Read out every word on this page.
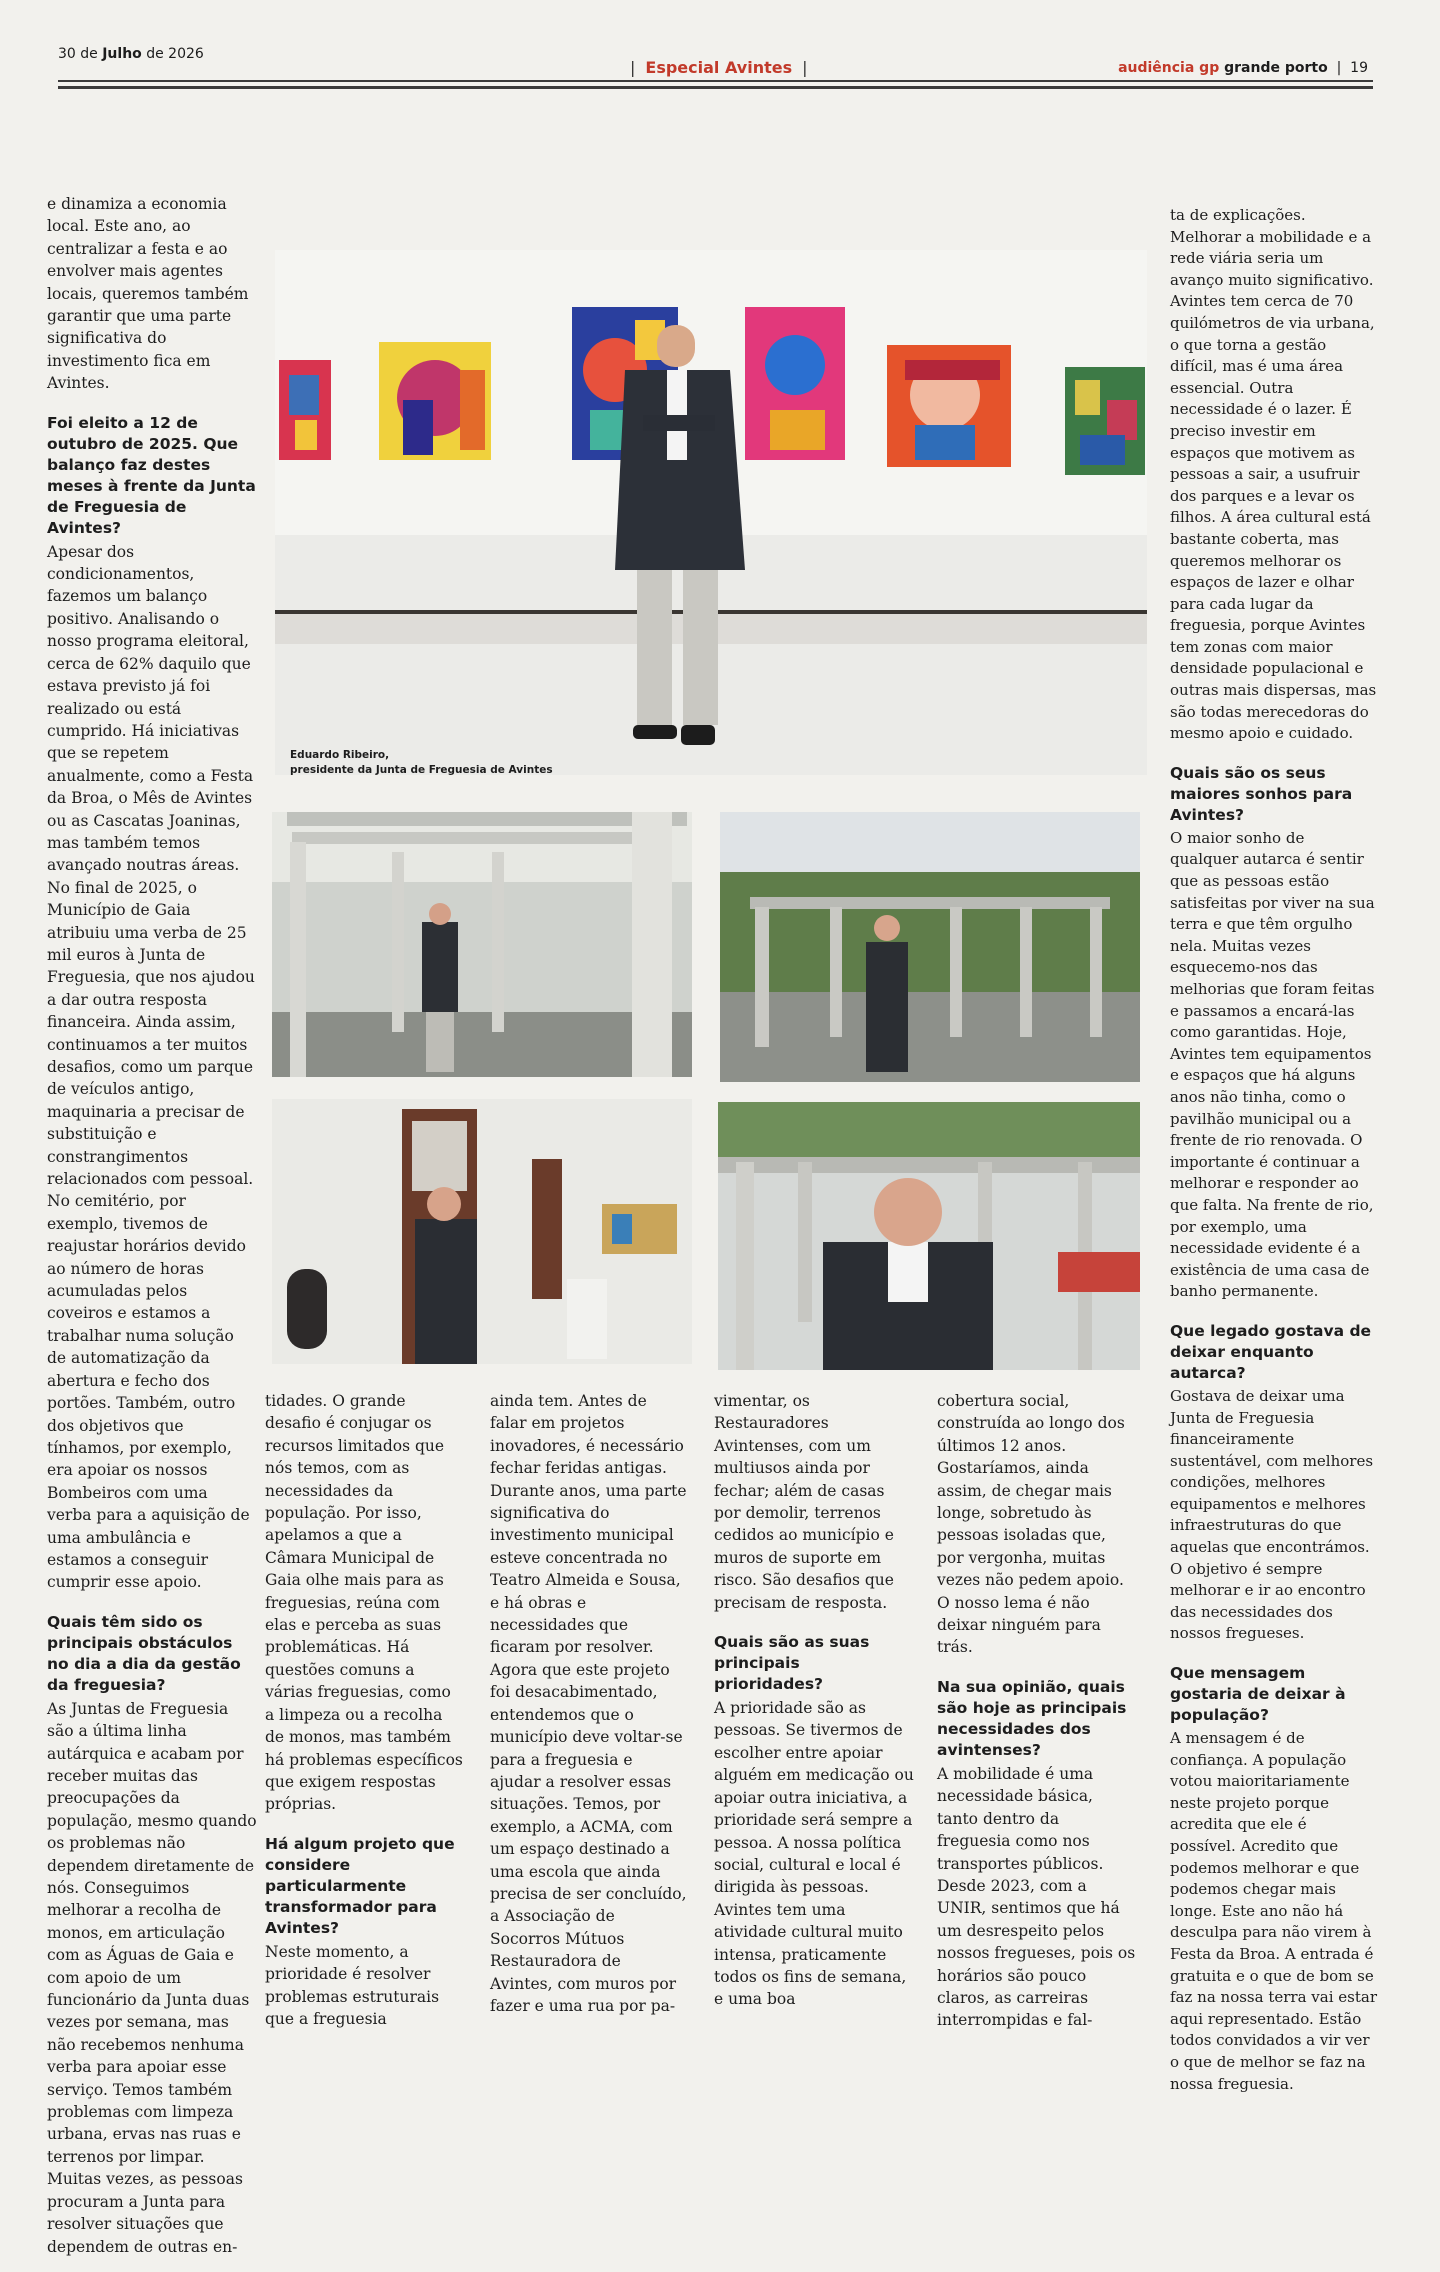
30 de Julho de 2026
| Especial Avintes |	audiência gp grande porto | 19

e dinamiza a economia local. Este ano, ao centralizar a festa e ao envolver mais agentes locais, queremos também garantir que uma parte significativa do investimento fica em Avintes.

Foi eleito a 12 de outubro de 2025. Que balanço faz destes meses à frente da Junta de Freguesia de Avintes?

Apesar dos condicionamentos, fazemos um balanço positivo. Analisando o nosso programa eleitoral, cerca de 62% daquilo que estava previsto já foi realizado ou está cumprido. Há iniciativas que se repetem anualmente, como a Festa da Broa, o Mês de Avintes ou as Cascatas Joaninas, mas também temos avançado noutras áreas. No final de 2025, o Município de Gaia atribuiu uma verba de 25 mil euros à Junta de Freguesia, que nos ajudou a dar outra resposta financeira. Ainda assim, continuamos a ter muitos desafios, como um parque de veículos antigo, maquinaria a precisar de substituição e constrangimentos relacionados com pessoal. No cemitério, por exemplo, tivemos de reajustar horários devido ao número de horas acumuladas pelos coveiros e estamos a trabalhar numa solução de automatização da abertura e fecho dos portões. Também, outro dos objetivos que tínhamos, por exemplo, era apoiar os nossos Bombeiros com uma verba para a aquisição de uma ambulância e estamos a conseguir cumprir esse apoio.

Quais têm sido os principais obstáculos no dia a dia da gestão da freguesia?

As Juntas de Freguesia são a última linha autárquica e acabam por receber muitas das preocupações da população, mesmo quando os problemas não dependem diretamente de nós. Conseguimos melhorar a recolha de monos, em articulação com as Águas de Gaia e com apoio de um funcionário da Junta duas vezes por semana, mas não recebemos nenhuma verba para apoiar esse serviço. Temos também problemas com limpeza urbana, ervas nas ruas e terrenos por limpar. Muitas vezes, as pessoas procuram a Junta para resolver situações que dependem de outras en-

Eduardo Ribeiro,
presidente da Junta de Freguesia de Avintes

tidades. O grande desafio é conjugar os recursos limitados que nós temos, com as necessidades da população. Por isso, apelamos a que a Câmara Municipal de Gaia olhe mais para as freguesias, reúna com elas e perceba as suas problemáticas. Há questões comuns a várias freguesias, como a limpeza ou a recolha de monos, mas também há problemas específicos que exigem respostas próprias.

Há algum projeto que considere particularmente transformador para Avintes?

Neste momento, a prioridade é resolver problemas estruturais que a freguesia

ainda tem. Antes de falar em projetos inovadores, é necessário fechar feridas antigas. Durante anos, uma parte significativa do investimento municipal esteve concentrada no Teatro Almeida e Sousa, e há obras e necessidades que ficaram por resolver. Agora que este projeto foi desacabimentado, entendemos que o município deve voltar-se para a freguesia e ajudar a resolver essas situações. Temos, por exemplo, a ACMA, com um espaço destinado a uma escola que ainda precisa de ser concluído, a Associação de Socorros Mútuos Restauradora de Avintes, com muros por fazer e uma rua por pa-

vimentar, os Restauradores Avintenses, com um multiusos ainda por fechar; além de casas por demolir, terrenos cedidos ao município e muros de suporte em risco. São desafios que precisam de resposta.

Quais são as suas principais prioridades?

A prioridade são as pessoas. Se tivermos de escolher entre apoiar alguém em medicação ou apoiar outra iniciativa, a prioridade será sempre a pessoa. A nossa política social, cultural e local é dirigida às pessoas. Avintes tem uma atividade cultural muito intensa, praticamente todos os fins de semana, e uma boa

cobertura social, construída ao longo dos últimos 12 anos. Gostaríamos, ainda assim, de chegar mais longe, sobretudo às pessoas isoladas que, por vergonha, muitas vezes não pedem apoio. O nosso lema é não deixar ninguém para trás.

Na sua opinião, quais são hoje as principais necessidades dos avintenses?

A mobilidade é uma necessidade básica, tanto dentro da freguesia como nos transportes públicos. Desde 2023, com a UNIR, sentimos que há um desrespeito pelos nossos fregueses, pois os horários são pouco claros, as carreiras interrompidas e fal-

ta de explicações. Melhorar a mobilidade e a rede viária seria um avanço muito significativo. Avintes tem cerca de 70 quilómetros de via urbana, o que torna a gestão difícil, mas é uma área essencial. Outra necessidade é o lazer. É preciso investir em espaços que motivem as pessoas a sair, a usufruir dos parques e a levar os filhos. A área cultural está bastante coberta, mas queremos melhorar os espaços de lazer e olhar para cada lugar da freguesia, porque Avintes tem zonas com maior densidade populacional e outras mais dispersas, mas são todas merecedoras do mesmo apoio e cuidado.

Quais são os seus maiores sonhos para Avintes?

O maior sonho de qualquer autarca é sentir que as pessoas estão satisfeitas por viver na sua terra e que têm orgulho nela. Muitas vezes esquecemo-nos das melhorias que foram feitas e passamos a encará-las como garantidas. Hoje, Avintes tem equipamentos e espaços que há alguns anos não tinha, como o pavilhão municipal ou a frente de rio renovada. O importante é continuar a melhorar e responder ao que falta. Na frente de rio, por exemplo, uma necessidade evidente é a existência de uma casa de banho permanente.

Que legado gostava de deixar enquanto autarca?

Gostava de deixar uma Junta de Freguesia financeiramente sustentável, com melhores condições, melhores equipamentos e melhores infraestruturas do que aquelas que encontrámos. O objetivo é sempre melhorar e ir ao encontro das necessidades dos nossos fregueses.

Que mensagem gostaria de deixar à população?

A mensagem é de confiança. A população votou maioritariamente neste projeto porque acredita que ele é possível. Acredito que podemos melhorar e que podemos chegar mais longe. Este ano não há desculpa para não virem à Festa da Broa. A entrada é gratuita e o que de bom se faz na nossa terra vai estar aqui representado. Estão todos convidados a vir ver o que de melhor se faz na nossa freguesia.
